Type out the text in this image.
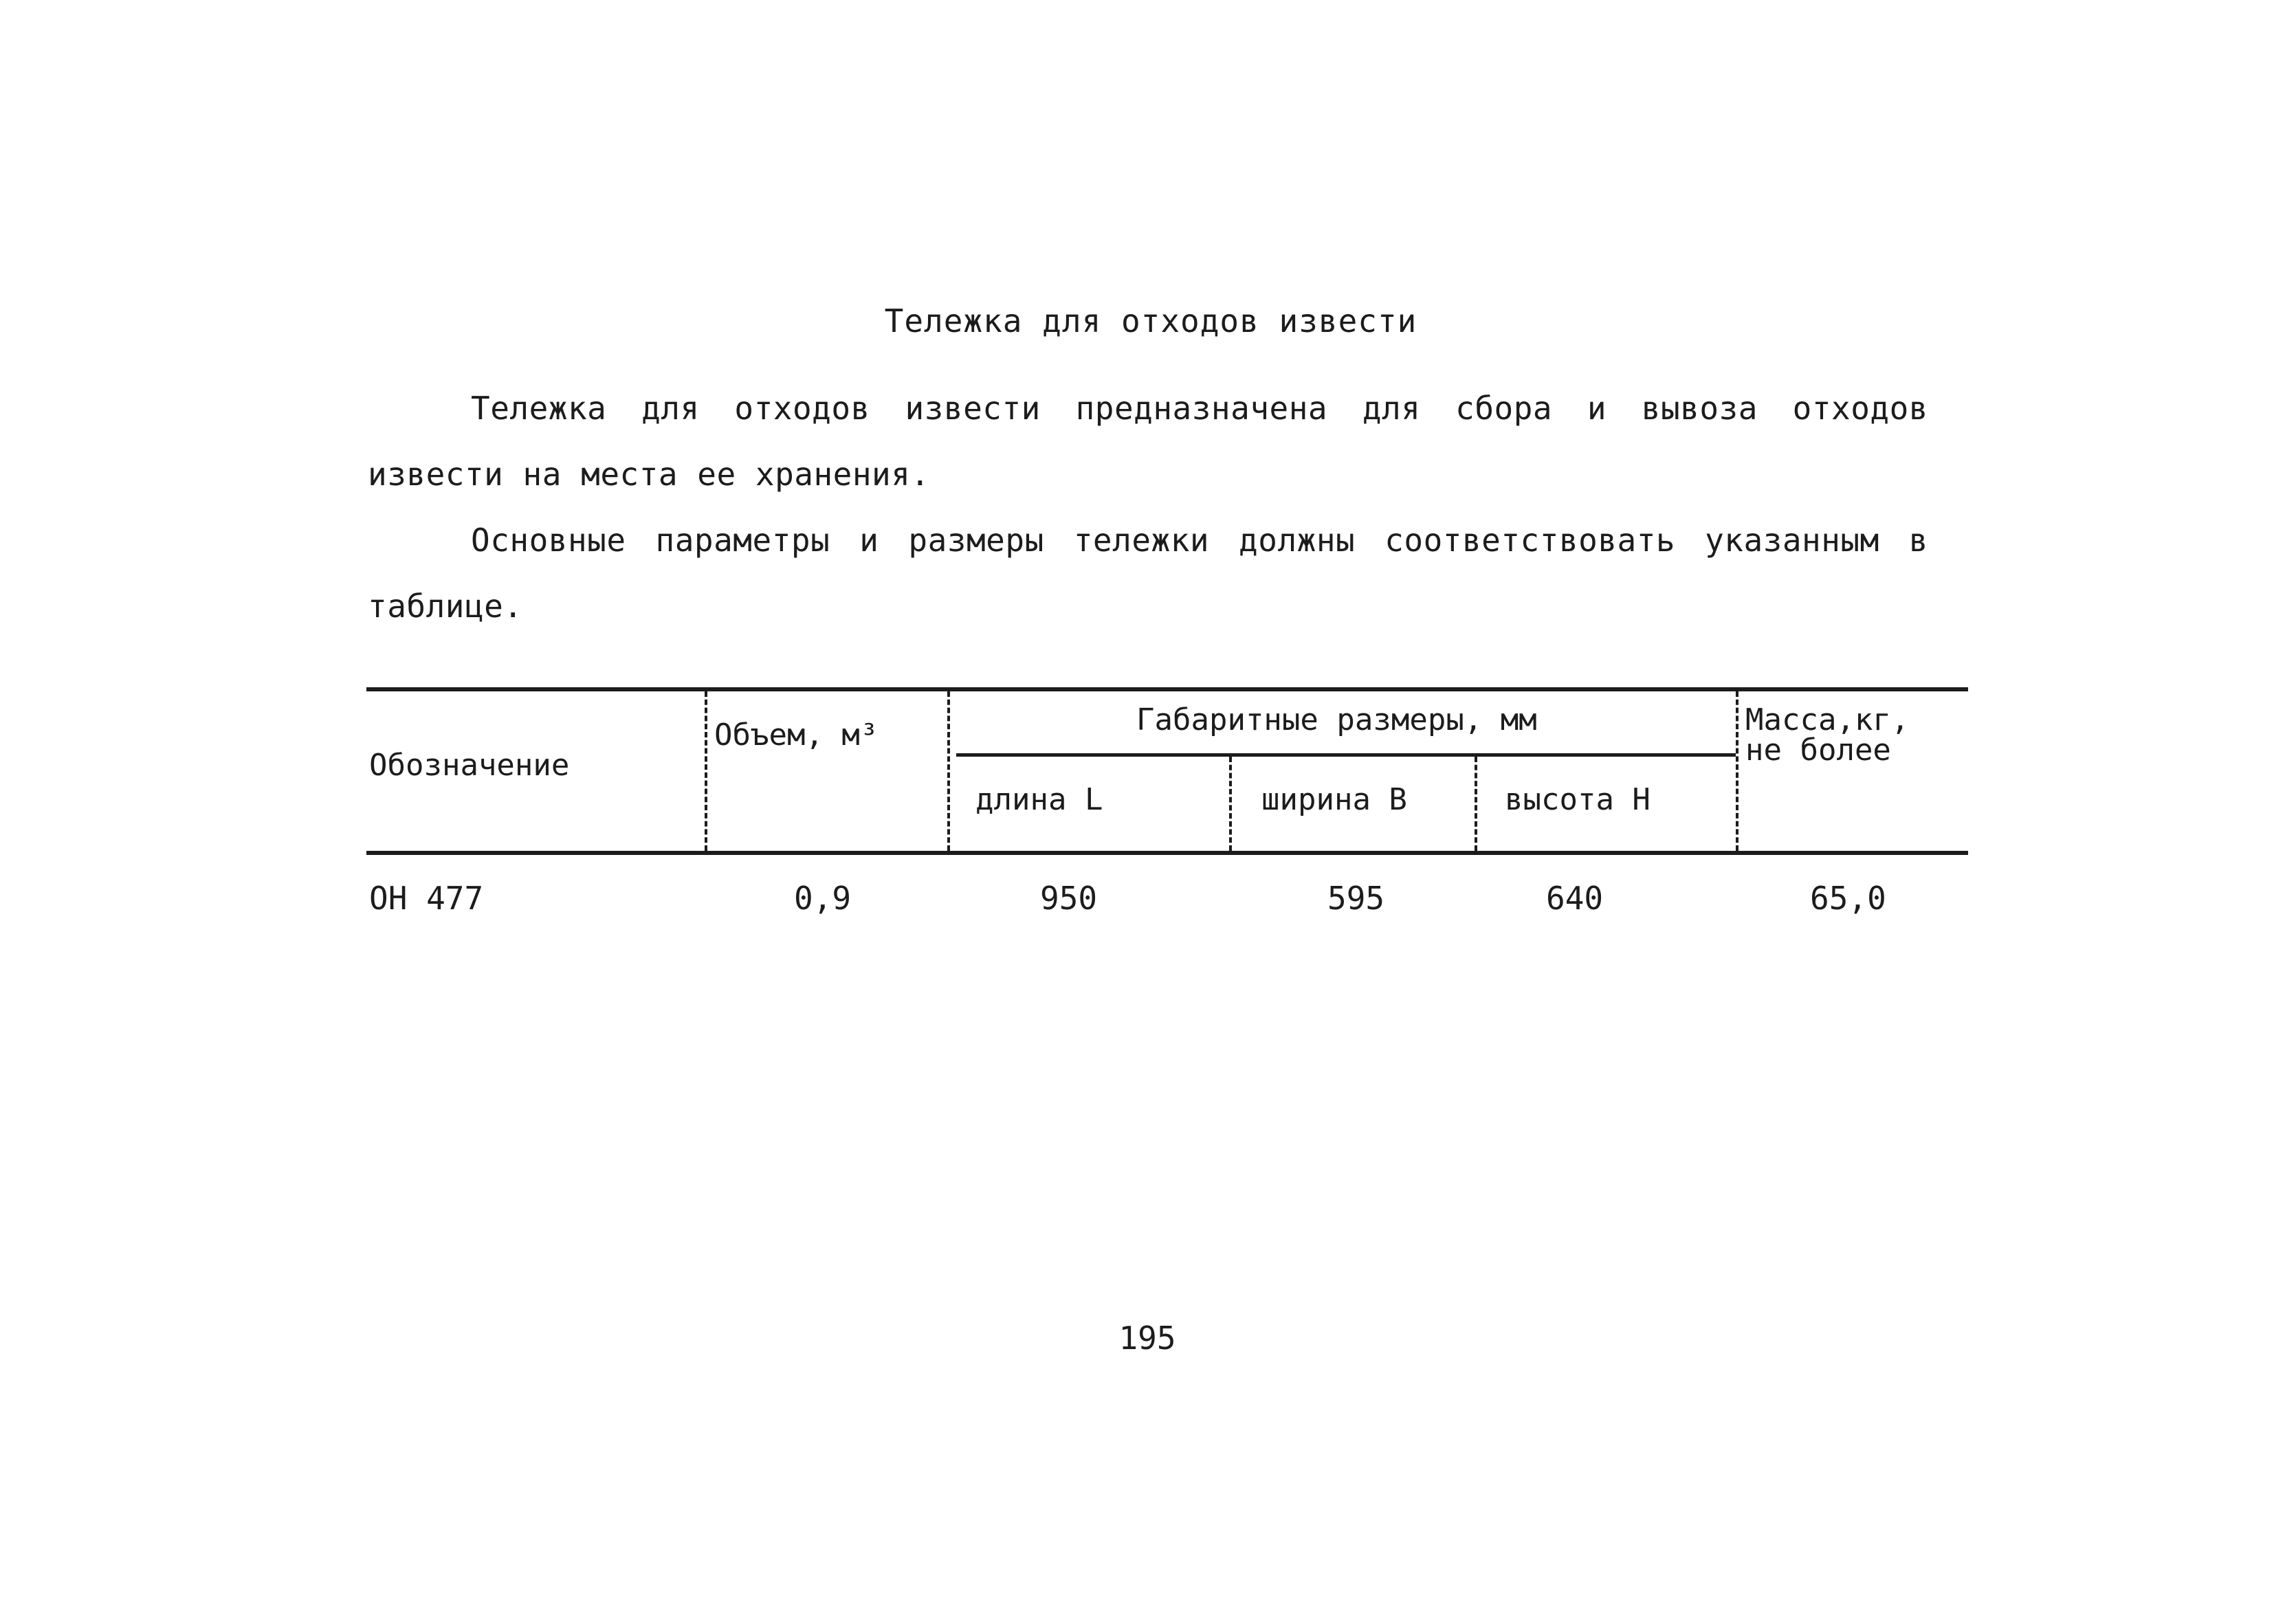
Тележка для отходов извести

Тележка для отходов извести предназначена для сбора и вывоза отходов извести на места ее хранения.

Основные параметры и размеры тележки должны соответствовать указанным в таблице.

Обозначение
Объем, м³	Габаритные размеры, мм
длина L	ширина B	высота H
Масса,кг,
не более
ОН 477	0,9	950	595	640	65,0
195
